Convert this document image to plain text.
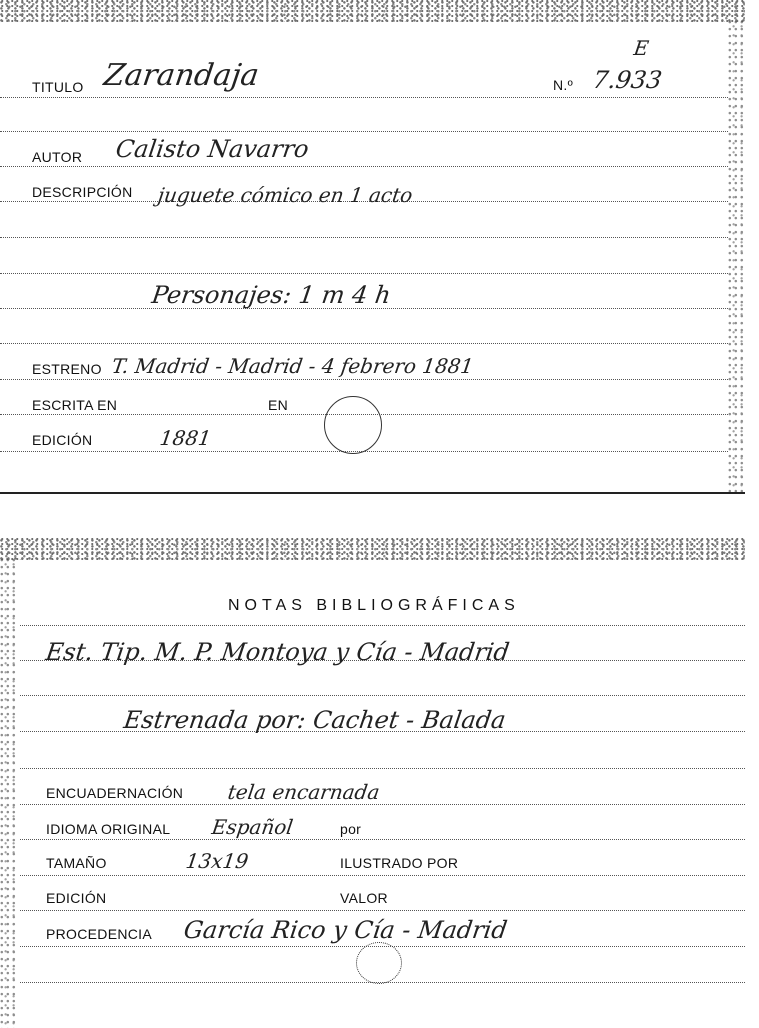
TITULO Zarandaja
E
N.º 7.933
AUTOR Calisto Navarro
DESCRIPCIÓN juguete cómico en 1 acto
Personajes: 1 m 4 h
ESTRENO T. Madrid - Madrid - 4 febrero 1881
ESCRITA EN	EN
EDICIÓN	1881
NOTAS BIBLIOGRÁFICAS
Est. Tip. M. P. Montoya y Cía - Madrid
Estrenada por: Cachet - Balada
ENCUADERNACIÓN tela encarnada
IDIOMA ORIGINAL Español	por
TAMAÑO	13x19	ILUSTRADO POR
EDICIÓN	VALOR
PROCEDENCIA García Rico y Cía - Madrid
